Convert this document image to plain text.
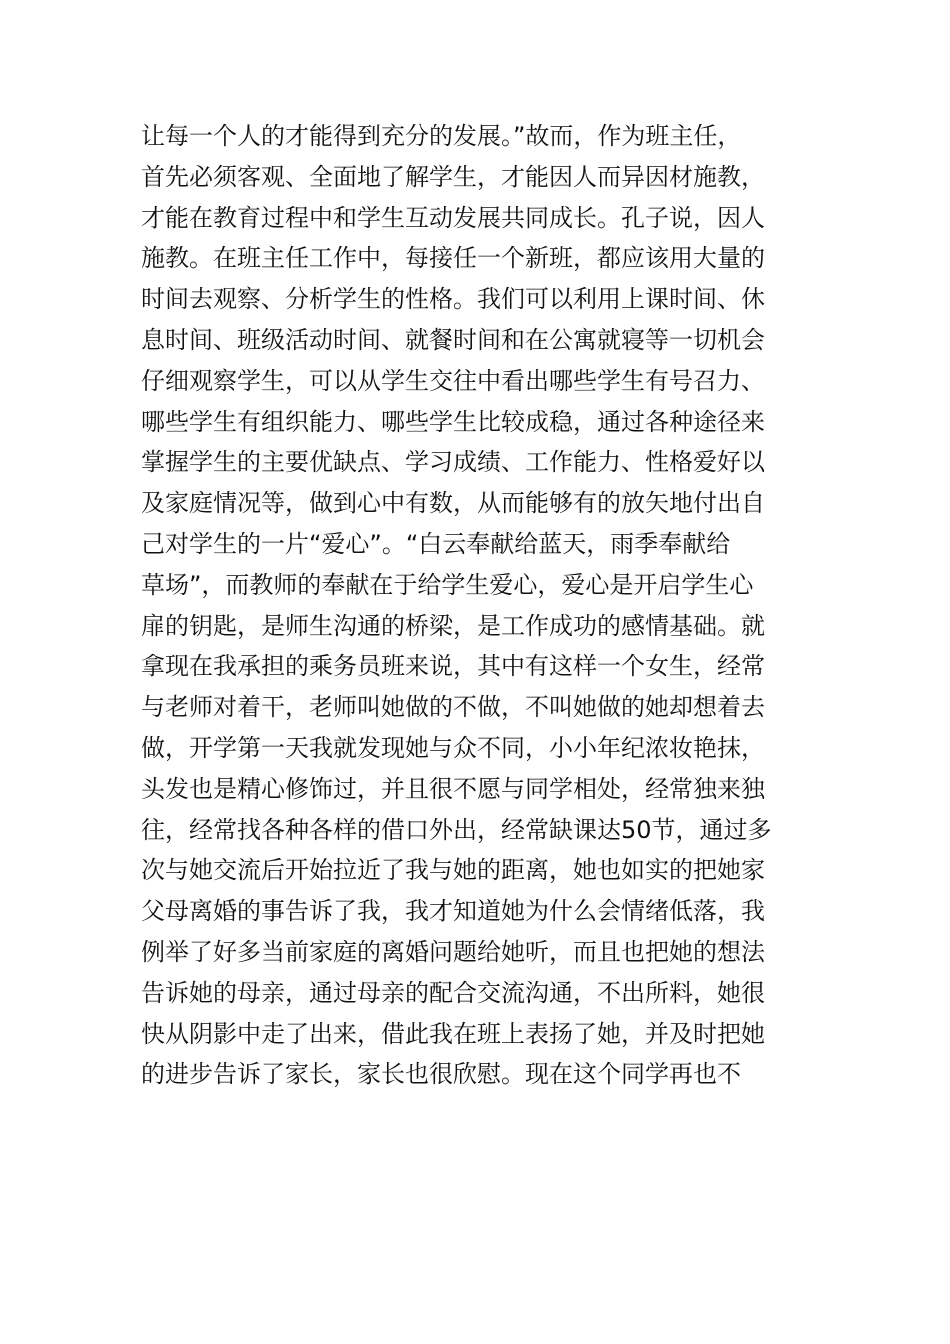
让每一个人的才能得到充分的发展。”故而，作为班主任，
首先必须客观、全面地了解学生，才能因人而异因材施教，
才能在教育过程中和学生互动发展共同成长。孔子说，因人
施教。在班主任工作中，每接任一个新班，都应该用大量的
时间去观察、分析学生的性格。我们可以利用上课时间、休
息时间、班级活动时间、就餐时间和在公寓就寝等一切机会
仔细观察学生，可以从学生交往中看出哪些学生有号召力、
哪些学生有组织能力、哪些学生比较成稳，通过各种途径来
掌握学生的主要优缺点、学习成绩、工作能力、性格爱好以
及家庭情况等，做到心中有数，从而能够有的放矢地付出自
己对学生的一片“爱心”。“白云奉献给蓝天，雨季奉献给
草场”，而教师的奉献在于给学生爱心，爱心是开启学生心
扉的钥匙，是师生沟通的桥梁，是工作成功的感情基础。就
拿现在我承担的乘务员班来说，其中有这样一个女生，经常
与老师对着干，老师叫她做的不做，不叫她做的她却想着去
做，开学第一天我就发现她与众不同，小小年纪浓妆艳抹，
头发也是精心修饰过，并且很不愿与同学相处，经常独来独
往，经常找各种各样的借口外出，经常缺课达50节，通过多
次与她交流后开始拉近了我与她的距离，她也如实的把她家
父母离婚的事告诉了我，我才知道她为什么会情绪低落，我
例举了好多当前家庭的离婚问题给她听，而且也把她的想法
告诉她的母亲，通过母亲的配合交流沟通，不出所料，她很
快从阴影中走了出来，借此我在班上表扬了她，并及时把她
的进步告诉了家长，家长也很欣慰。现在这个同学再也不
